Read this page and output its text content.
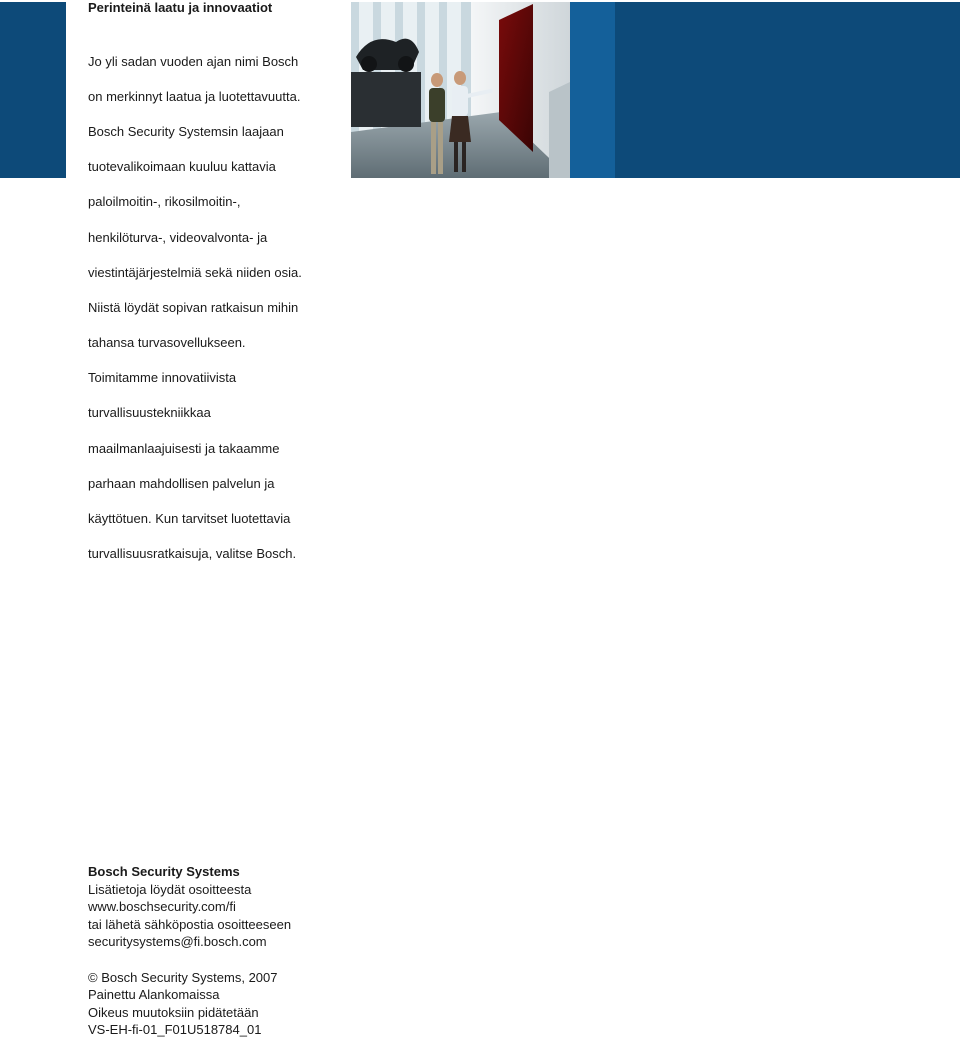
Perinteinä laatu ja innovaatiot

Jo yli sadan vuoden ajan nimi Bosch

on merkinnyt laatua ja luotettavuutta.

Bosch Security Systemsin laajaan

tuotevalikoimaan kuuluu kattavia

paloilmoitin-, rikosilmoitin-,

henkilöturva-, videovalvonta- ja

viestintäjärjestelmiä sekä niiden osia.

Niistä löydät sopivan ratkaisun mihin

tahansa turvasovellukseen.

Toimitamme innovatiivista

turvallisuustekniikkaa

maailmanlaajuisesti ja takaamme

parhaan mahdollisen palvelun ja

käyttötuen. Kun tarvitset luotettavia

turvallisuusratkaisuja, valitse Bosch.

Bosch Security Systems

Lisätietoja löydät osoitteesta

www.boschsecurity.com/fi

tai lähetä sähköpostia osoitteeseen

securitysystems@fi.bosch.com

© Bosch Security Systems, 2007

Painettu Alankomaissa

Oikeus muutoksiin pidätetään

VS-EH-fi-01_F01U518784_01
